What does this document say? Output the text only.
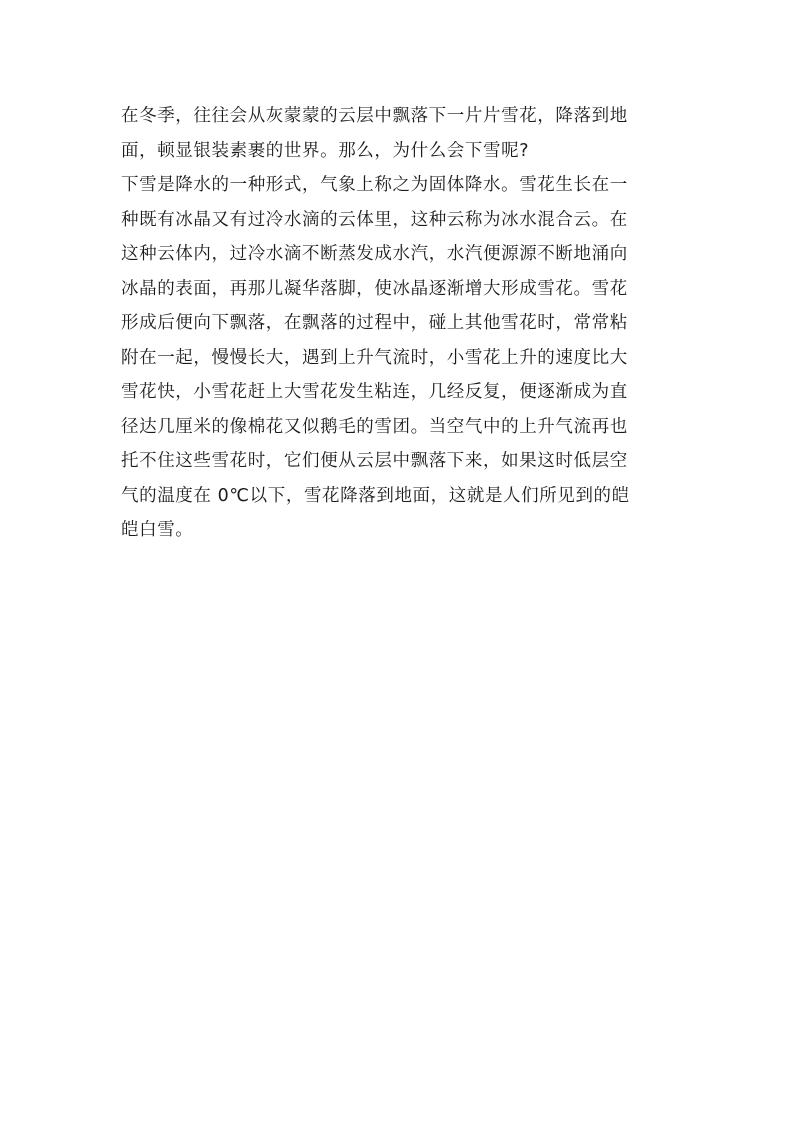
在冬季，往往会从灰蒙蒙的云层中飘落下一片片雪花，降落到地
面，顿显银装素裹的世界。那么，为什么会下雪呢?
下雪是降水的一种形式，气象上称之为固体降水。雪花生长在一
种既有冰晶又有过冷水滴的云体里，这种云称为冰水混合云。在
这种云体内，过冷水滴不断蒸发成水汽，水汽便源源不断地涌向
冰晶的表面，再那儿凝华落脚，使冰晶逐渐增大形成雪花。雪花
形成后便向下飘落，在飘落的过程中，碰上其他雪花时，常常粘
附在一起，慢慢长大，遇到上升气流时，小雪花上升的速度比大
雪花快，小雪花赶上大雪花发生粘连，几经反复，便逐渐成为直
径达几厘米的像棉花又似鹅毛的雪团。当空气中的上升气流再也
托不住这些雪花时，它们便从云层中飘落下来，如果这时低层空
气的温度在 0℃以下，雪花降落到地面，这就是人们所见到的皑
皑白雪。
